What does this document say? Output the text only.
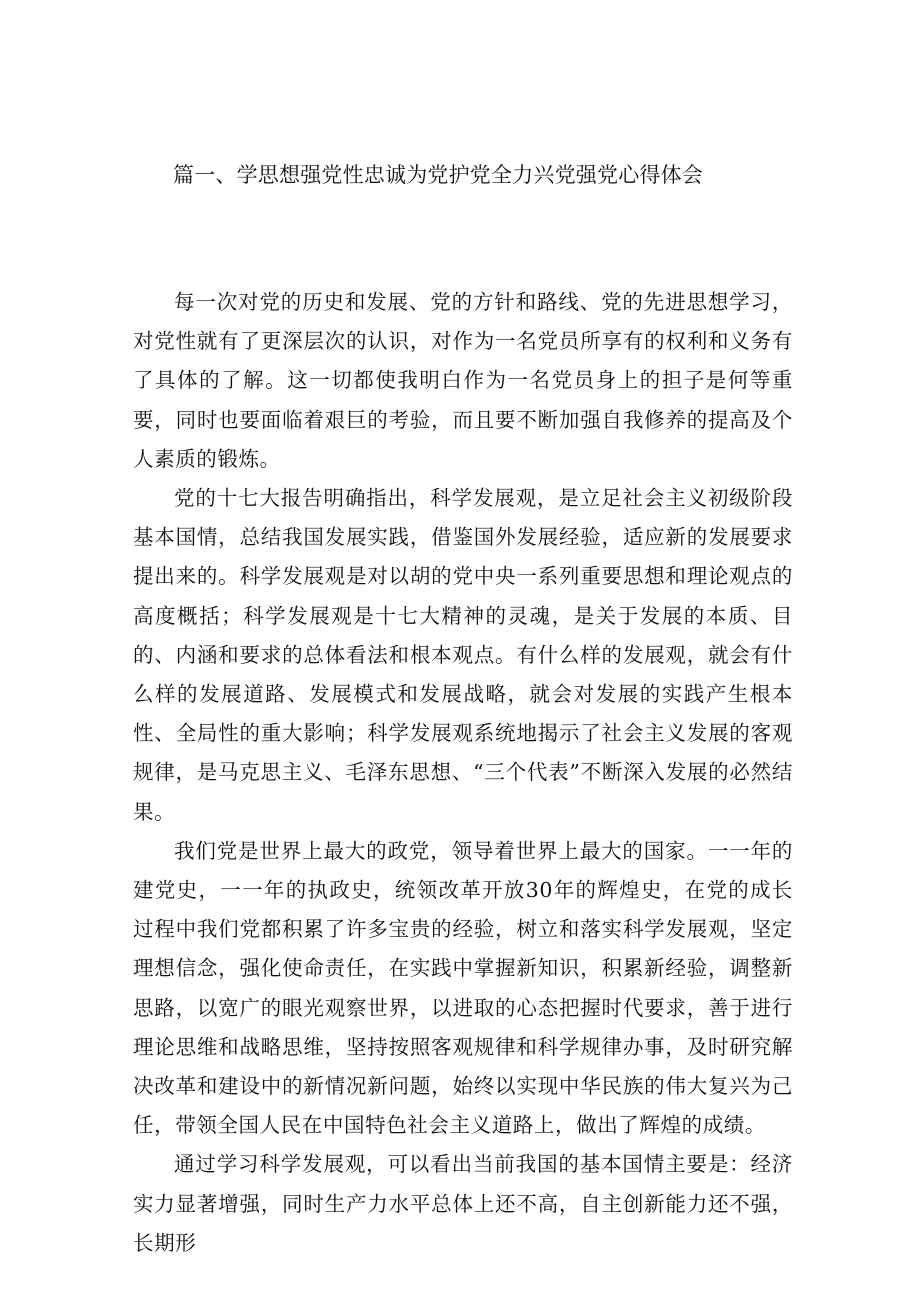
篇一、学思想强党性忠诚为党护党全力兴党强党心得体会

每一次对党的历史和发展、党的方针和路线、党的先进思想学习，对党性就有了更深层次的认识，对作为一名党员所享有的权利和义务有了具体的了解。这一切都使我明白作为一名党员身上的担子是何等重要，同时也要面临着艰巨的考验，而且要不断加强自我修养的提高及个人素质的锻炼。

党的十七大报告明确指出，科学发展观，是立足社会主义初级阶段基本国情，总结我国发展实践，借鉴国外发展经验，适应新的发展要求提出来的。科学发展观是对以胡的党中央一系列重要思想和理论观点的高度概括；科学发展观是十七大精神的灵魂，是关于发展的本质、目的、内涵和要求的总体看法和根本观点。有什么样的发展观，就会有什么样的发展道路、发展模式和发展战略，就会对发展的实践产生根本性、全局性的重大影响；科学发展观系统地揭示了社会主义发展的客观规律，是马克思主义、毛泽东思想、“三个代表”不断深入发展的必然结果。

我们党是世界上最大的政党，领导着世界上最大的国家。一一年的建党史，一一年的执政史，统领改革开放30年的辉煌史，在党的成长过程中我们党都积累了许多宝贵的经验，树立和落实科学发展观，坚定理想信念，强化使命责任，在实践中掌握新知识，积累新经验，调整新思路，以宽广的眼光观察世界，以进取的心态把握时代要求，善于进行理论思维和战略思维，坚持按照客观规律和科学规律办事，及时研究解决改革和建设中的新情况新问题，始终以实现中华民族的伟大复兴为己任，带领全国人民在中国特色社会主义道路上，做出了辉煌的成绩。

通过学习科学发展观，可以看出当前我国的基本国情主要是：经济实力显著增强，同时生产力水平总体上还不高，自主创新能力还不强，长期形
